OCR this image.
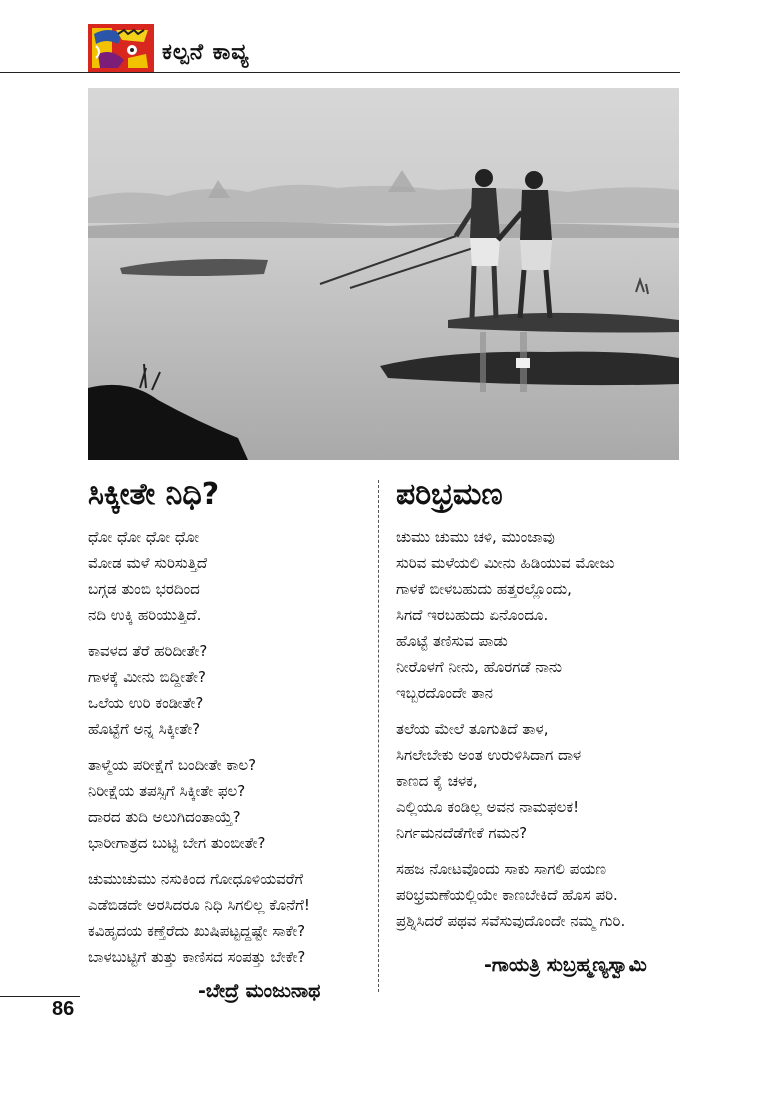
ಕಲ್ಪನೆ ಕಾವ್ಯ
ಸಿಕ್ಕೀತೇ ನಿಧಿ?
ಧೋ ಧೋ ಧೋ ಧೋ
ಮೋಡ ಮಳೆ ಸುರಿಸುತ್ತಿದೆ
ಬಗ್ಗಡ ತುಂಬಿ ಭರದಿಂದ
ನದಿ ಉಕ್ಕಿ ಹರಿಯುತ್ತಿದೆ.
ಕಾವಳದ ತೆರೆ ಹರಿದೀತೇ?
ಗಾಳಕ್ಕೆ ಮೀನು ಬಿದ್ದೀತೇ?
ಒಲೆಯ ಉರಿ ಕಂಡೀತೇ?
ಹೊಟ್ಟೆಗೆ ಅನ್ನ ಸಿಕ್ಕೀತೇ?
ತಾಳ್ಮೆಯ ಪರೀಕ್ಷೆಗೆ ಬಂದೀತೇ ಕಾಲ?
ನಿರೀಕ್ಷೆಯ ತಪಸ್ಸಿಗೆ ಸಿಕ್ಕೀತೇ ಫಲ?
ದಾರದ ತುದಿ ಅಲುಗಿದಂತಾಯ್ತೆ?
ಭಾರೀಗಾತ್ರದ ಬುಟ್ಟಿ ಬೇಗ ತುಂಬೀತೇ?
ಚುಮುಚುಮು ನಸುಕಿಂದ ಗೋಧೂಳಿಯವರೆಗೆ
ಎಡೆಬಿಡದೇ ಅರಸಿದರೂ ನಿಧಿ ಸಿಗಲಿಲ್ಲ ಕೊನೆಗೆ!
ಕವಿಹೃದಯ ಕಣ್ತೆರೆದು ಖುಷಿಪಟ್ಟದ್ದಷ್ಟೇ ಸಾಕೇ?
ಬಾಳಬುಟ್ಟಿಗೆ ತುತ್ತು ಕಾಣಿಸದ ಸಂಪತ್ತು ಬೇಕೇ?
-ಬೇದ್ರೆ ಮಂಜುನಾಥ
ಪರಿಭ್ರಮಣ
ಚುಮು ಚುಮು ಚಳಿ, ಮುಂಜಾವು
ಸುರಿವ ಮಳೆಯಲಿ ಮೀನು ಹಿಡಿಯುವ ಮೋಜು
ಗಾಳಕೆ ಬೀಳಬಹುದು ಹತ್ತರಲ್ಲೊಂದು,
ಸಿಗದೆ ಇರಬಹುದು ಏನೊಂದೂ.
ಹೊಟ್ಟೆ ತಣಿಸುವ ಪಾಡು
ನೀರೊಳಗೆ ನೀನು, ಹೊರಗಡೆ ನಾನು
ಇಬ್ಬರದೊಂದೇ ತಾನ
ತಲೆಯ ಮೇಲೆ ತೂಗುತಿದೆ ತಾಳ,
ಸಿಗಲೇಬೇಕು ಅಂತ ಉರುಳಿಸಿದಾಗ ದಾಳ
ಕಾಣದ ಕೈ ಚಳಕ,
ಎಲ್ಲಿಯೂ ಕಂಡಿಲ್ಲ ಅವನ ನಾಮಫಲಕ!
ನಿರ್ಗಮನದೆಡೆಗೇಕೆ ಗಮನ?
ಸಹಜ ನೋಟವೊಂದು ಸಾಕು ಸಾಗಲಿ ಪಯಣ
ಪರಿಭ್ರಮಣೆಯಲ್ಲಿಯೇ ಕಾಣಬೇಕಿದೆ ಹೊಸ ಪರಿ.
ಪ್ರಶ್ನಿಸಿದರೆ ಪಥವ ಸವೆಸುವುದೊಂದೇ ನಮ್ಮ ಗುರಿ.
-ಗಾಯತ್ರಿ ಸುಬ್ರಹ್ಮಣ್ಯಸ್ವಾಮಿ
86
